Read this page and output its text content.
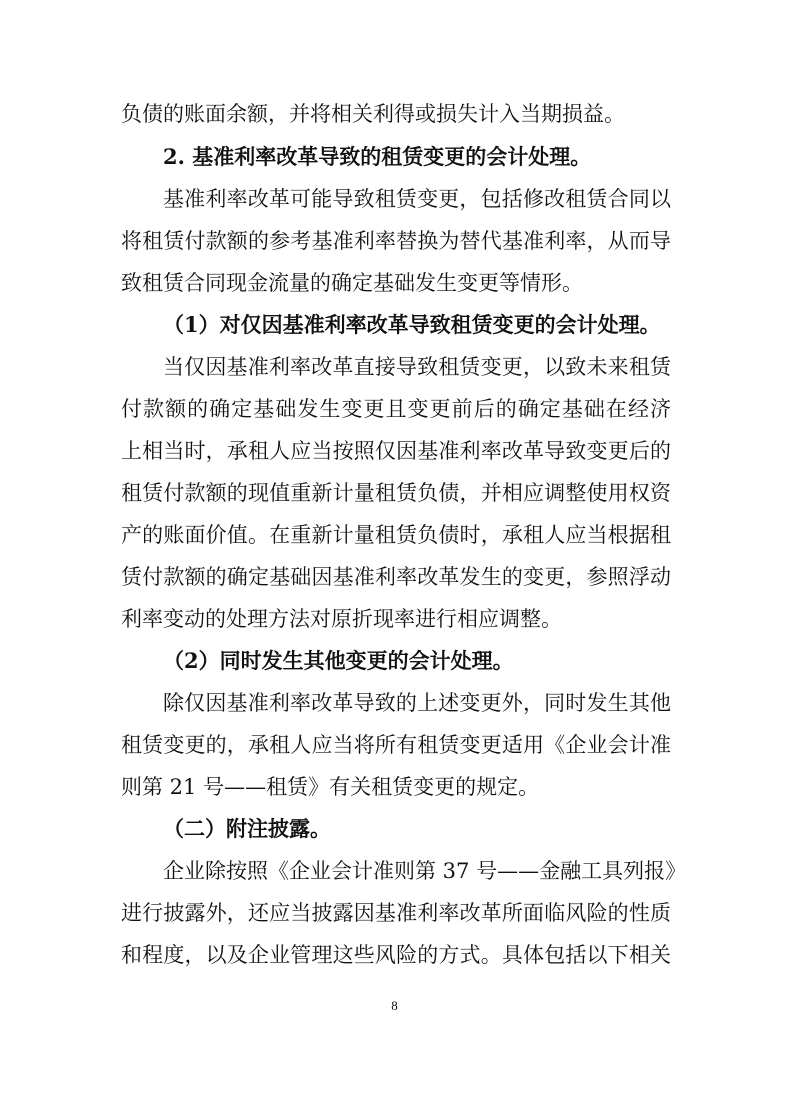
负债的账面余额，并将相关利得或损失计入当期损益。
2. 基准利率改革导致的租赁变更的会计处理。
基准利率改革可能导致租赁变更，包括修改租赁合同以
将租赁付款额的参考基准利率替换为替代基准利率，从而导
致租赁合同现金流量的确定基础发生变更等情形。
（1）对仅因基准利率改革导致租赁变更的会计处理。
当仅因基准利率改革直接导致租赁变更，以致未来租赁
付款额的确定基础发生变更且变更前后的确定基础在经济
上相当时，承租人应当按照仅因基准利率改革导致变更后的
租赁付款额的现值重新计量租赁负债，并相应调整使用权资
产的账面价值。在重新计量租赁负债时，承租人应当根据租
赁付款额的确定基础因基准利率改革发生的变更，参照浮动
利率变动的处理方法对原折现率进行相应调整。
（2）同时发生其他变更的会计处理。
除仅因基准利率改革导致的上述变更外，同时发生其他
租赁变更的，承租人应当将所有租赁变更适用《企业会计准
则第 21 号——租赁》有关租赁变更的规定。
（二）附注披露。
企业除按照《企业会计准则第 37 号——金融工具列报》
进行披露外，还应当披露因基准利率改革所面临风险的性质
和程度，以及企业管理这些风险的方式。具体包括以下相关
8
